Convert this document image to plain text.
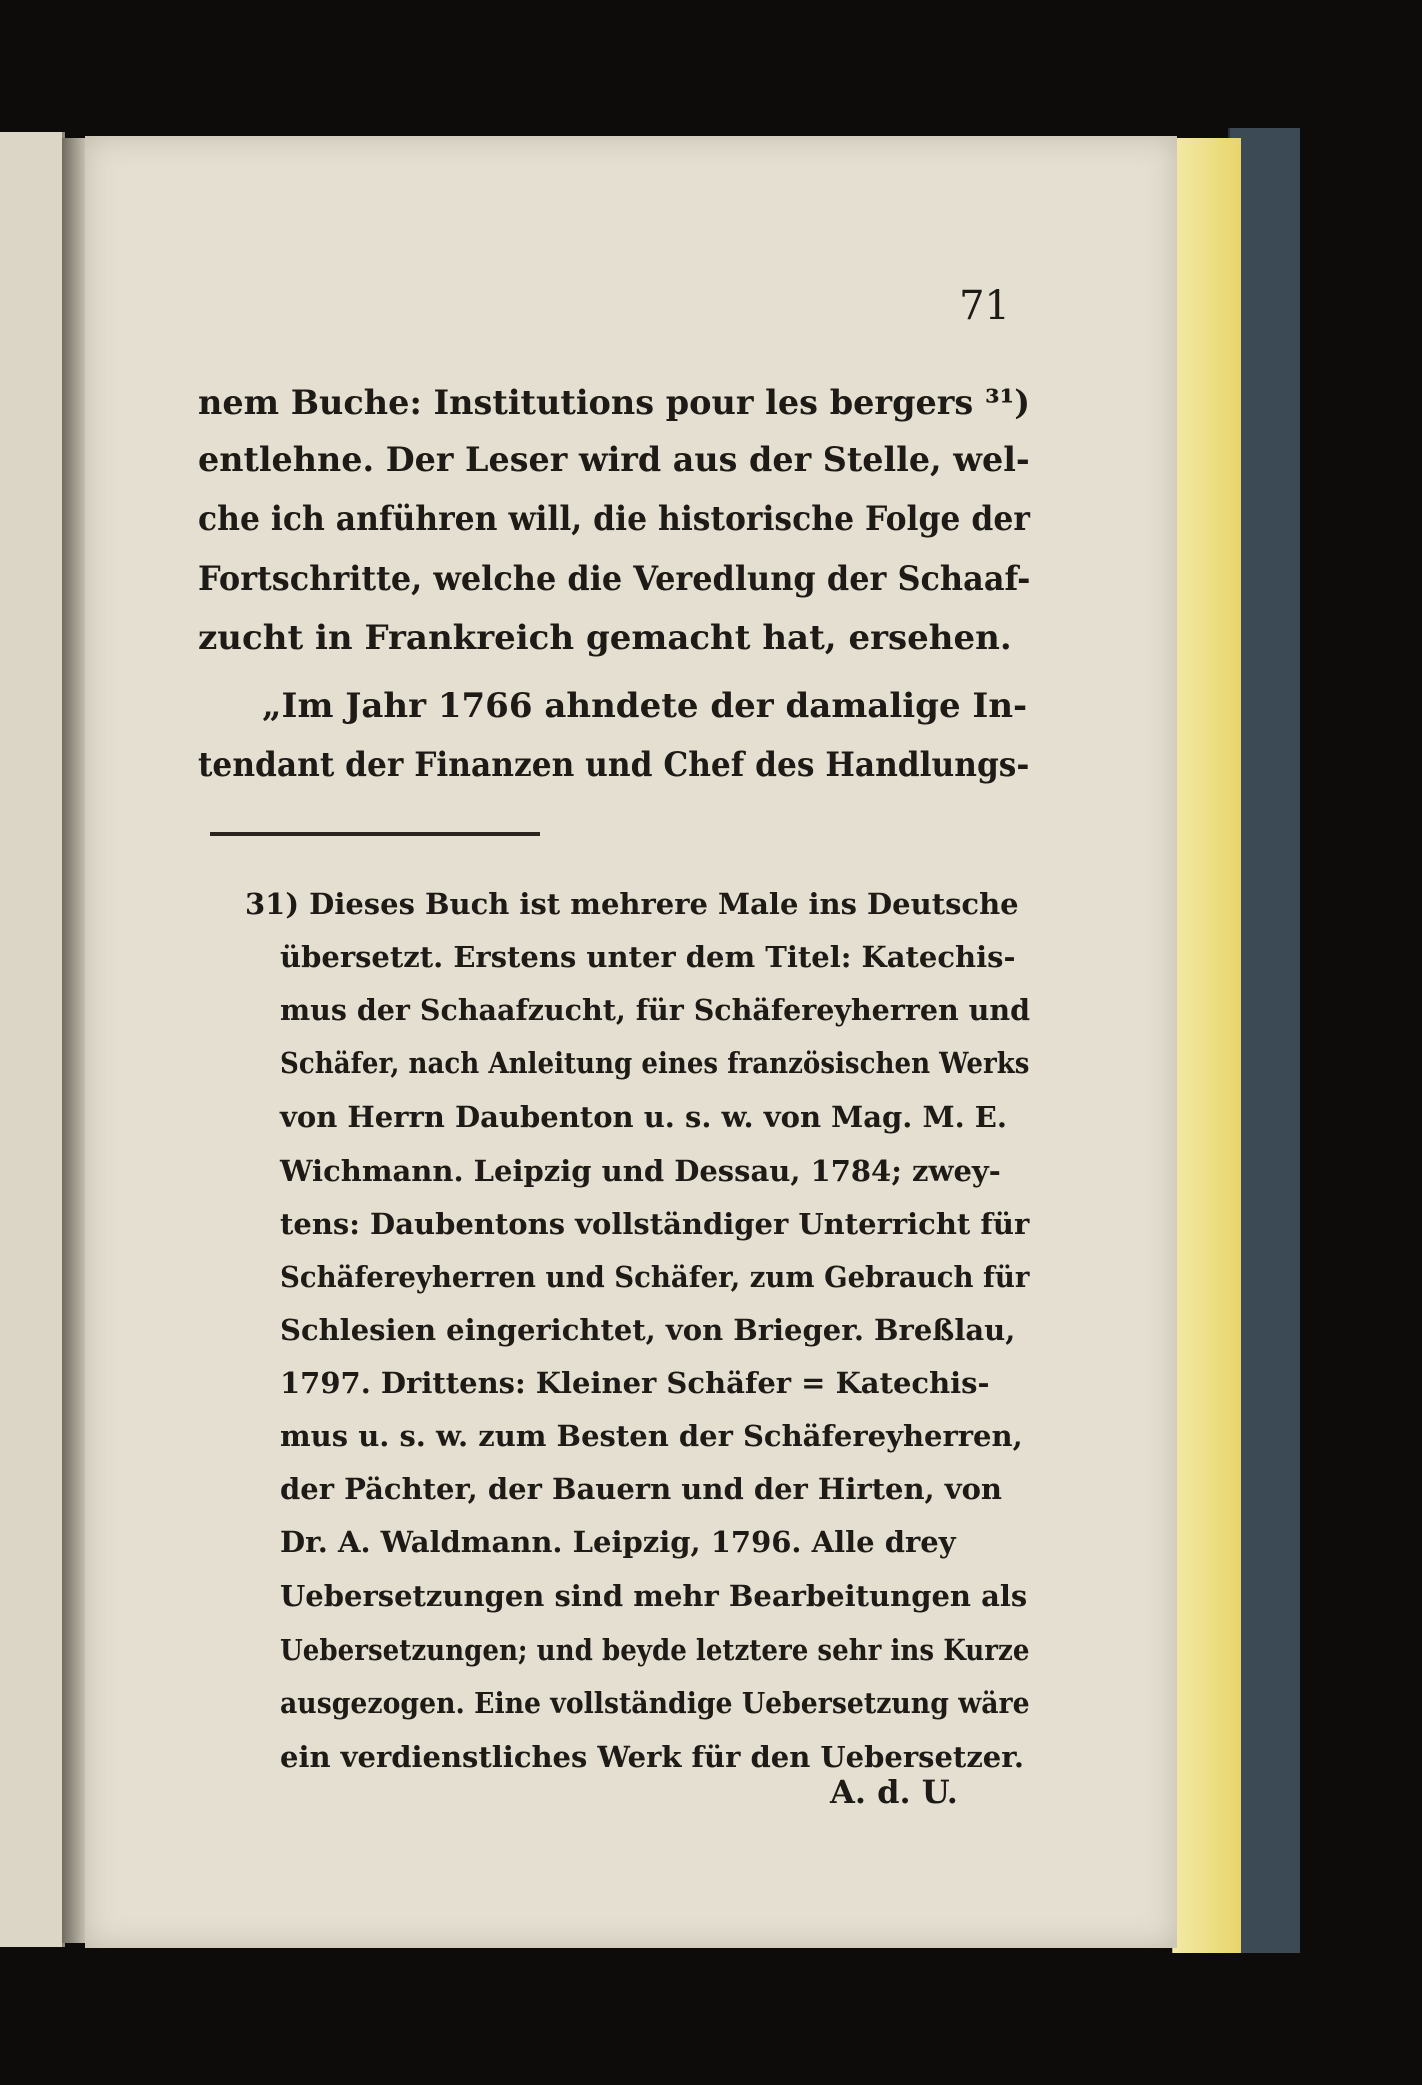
71
nem Buche: Institutions pour les bergers ³¹)
entlehne. Der Leser wird aus der Stelle, wel-
che ich anführen will, die historische Folge der
Fortschritte, welche die Veredlung der Schaaf-
zucht in Frankreich gemacht hat, ersehen.
„Im Jahr 1766 ahndete der damalige In-
tendant der Finanzen und Chef des Handlungs-
31) Dieses Buch ist mehrere Male ins Deutsche
übersetzt. Erstens unter dem Titel: Katechis-
mus der Schaafzucht, für Schäfereyherren und
Schäfer, nach Anleitung eines französischen Werks
von Herrn Daubenton u. s. w. von Mag. M. E.
Wichmann. Leipzig und Dessau, 1784; zwey-
tens: Daubentons vollständiger Unterricht für
Schäfereyherren und Schäfer, zum Gebrauch für
Schlesien eingerichtet, von Brieger. Breßlau,
1797. Drittens: Kleiner Schäfer = Katechis-
mus u. s. w. zum Besten der Schäfereyherren,
der Pächter, der Bauern und der Hirten, von
Dr. A. Waldmann. Leipzig, 1796. Alle drey
Uebersetzungen sind mehr Bearbeitungen als
Uebersetzungen; und beyde letztere sehr ins Kurze
ausgezogen. Eine vollständige Uebersetzung wäre
ein verdienstliches Werk für den Uebersetzer.
A. d. U.
